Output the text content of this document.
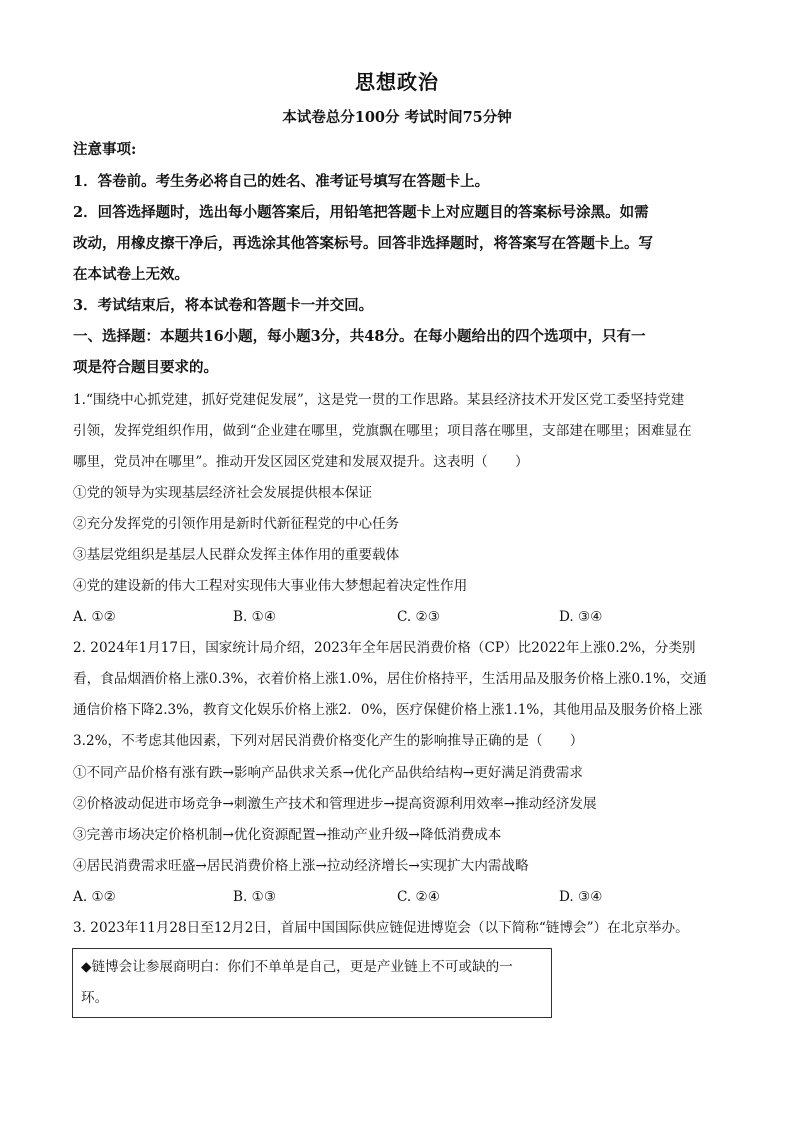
思想政治
本试卷总分100分 考试时间75分钟
注意事项:
1．答卷前。考生务必将自己的姓名、准考证号填写在答题卡上。
2．回答选择题时，选出每小题答案后，用铅笔把答题卡上对应题目的答案标号涂黑。如需
改动，用橡皮擦干净后，再选涂其他答案标号。回答非选择题时，将答案写在答题卡上。写
在本试卷上无效。
3．考试结束后，将本试卷和答题卡一并交回。
一、选择题：本题共16小题，每小题3分，共48分。在每小题给出的四个选项中，只有一
项是符合题目要求的。
1.“围绕中心抓党建，抓好党建促发展”，这是党一贯的工作思路。某县经济技术开发区党工委坚持党建
引领，发挥党组织作用，做到“企业建在哪里，党旗飘在哪里；项目落在哪里，支部建在哪里；困难显在
哪里，党员冲在哪里”。推动开发区园区党建和发展双提升。这表明（　　）
①党的领导为实现基层经济社会发展提供根本保证
②充分发挥党的引领作用是新时代新征程党的中心任务
③基层党组织是基层人民群众发挥主体作用的重要载体
④党的建设新的伟大工程对实现伟大事业伟大梦想起着决定性作用
A. ①②	B. ①④	C. ②③	D. ③④
2. 2024年1月17日，国家统计局介绍，2023年全年居民消费价格（CP）比2022年上涨0.2%，分类别
看，食品烟酒价格上涨0.3%，衣着价格上涨1.0%，居住价格持平，生活用品及服务价格上涨0.1%，交通
通信价格下降2.3%，教育文化娱乐价格上涨2．0%，医疗保健价格上涨1.1%，其他用品及服务价格上涨
3.2%，不考虑其他因素，下列对居民消费价格变化产生的影响推导正确的是（　　）
①不同产品价格有涨有跌→影响产品供求关系→优化产品供给结构→更好满足消费需求
②价格波动促进市场竞争→刺激生产技术和管理进步→提高资源利用效率→推动经济发展
③完善市场决定价格机制→优化资源配置→推动产业升级→降低消费成本
④居民消费需求旺盛→居民消费价格上涨→拉动经济增长→实现扩大内需战略
A. ①②	B. ①③	C. ②④	D. ③④
3. 2023年11月28日至12月2日，首届中国国际供应链促进博览会（以下简称“链博会”）在北京举办。
◆链博会让参展商明白：你们不单单是自己，更是产业链上不可或缺的一
环。
